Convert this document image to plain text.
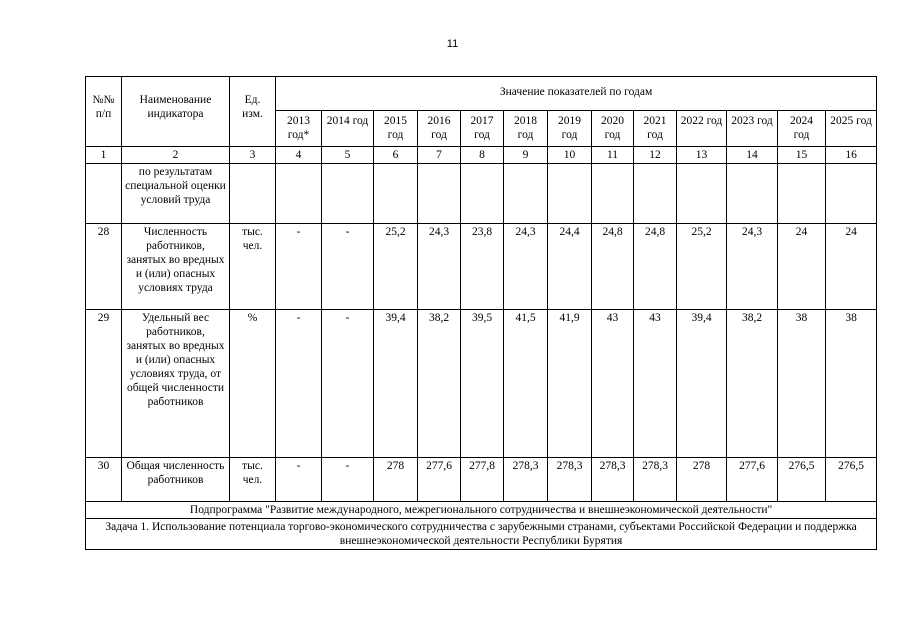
11
№№ п/п	Наименование индикатора	Ед. изм.	Значение показателей по годам												
			2013 год*	2014 год	2015 год	2016 год	2017 год	2018 год	2019 год	2020 год	2021 год	2022 год	2023 год	2024 год	2025 год
1	2	3	4	5	6	7	8	9	10	11	12	13	14	15	16
	по результатам специальной оценки условий труда														
28	Численность работников, занятых во вредных и (или) опасных условиях труда	тыс. чел.	-	-	25,2	24,3	23,8	24,3	24,4	24,8	24,8	25,2	24,3	24	24
29	Удельный вес работников, занятых во вредных и (или) опасных условиях труда, от общей численности работников	%	-	-	39,4	38,2	39,5	41,5	41,9	43	43	39,4	38,2	38	38
30	Общая численность работников	тыс. чел.	-	-	278	277,6	277,8	278,3	278,3	278,3	278,3	278	277,6	276,5	276,5
Подпрограмма "Развитие международного, межрегионального сотрудничества и внешнеэкономической деятельности"															
Задача 1. Использование потенциала торгово-экономического сотрудничества с зарубежными странами, субъектами Российской Федерации и поддержка внешнеэкономической деятельности Республики Бурятия															
